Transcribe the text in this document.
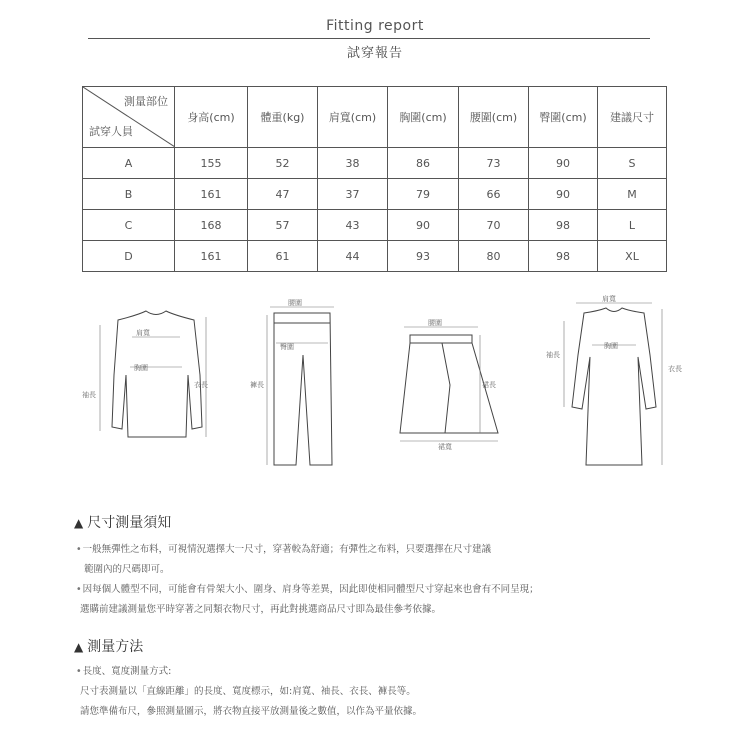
Fitting report
試穿報告
測量部位
試穿人員	身高(cm)	體重(kg)	肩寬(cm)	胸圍(cm)	腰圍(cm)	臀圍(cm)	建議尺寸
A	155	52	38	86	73	90	S
B	161	47	37	79	66	90	M
C	168	57	43	90	70	98	L
D	161	61	44	93	80	98	XL
肩寬
胸圍
袖長
衣長
腰圍
臀圍
褲長
腰圍
裙長
裙寬
肩寬
胸圍
袖長
衣長
▲ 尺寸測量須知
•一般無彈性之布料，可視情況選擇大一尺寸，穿著較為舒適；有彈性之布料，只要選擇在尺寸建議
範圍內的尺碼即可。
•因每個人體型不同，可能會有骨架大小、圍身、肩身等差異，因此即使相同體型尺寸穿起來也會有不同呈現；
選購前建議測量您平時穿著之同類衣物尺寸，再此對挑選商品尺寸即為最佳參考依據。
▲ 測量方法
•長度、寬度測量方式:
尺寸表測量以「直線距離」的長度、寬度標示，如:肩寬、袖長、衣長、褲長等。
請您準備布尺，參照測量圖示，將衣物直接平放測量後之數值，以作為平量依據。
